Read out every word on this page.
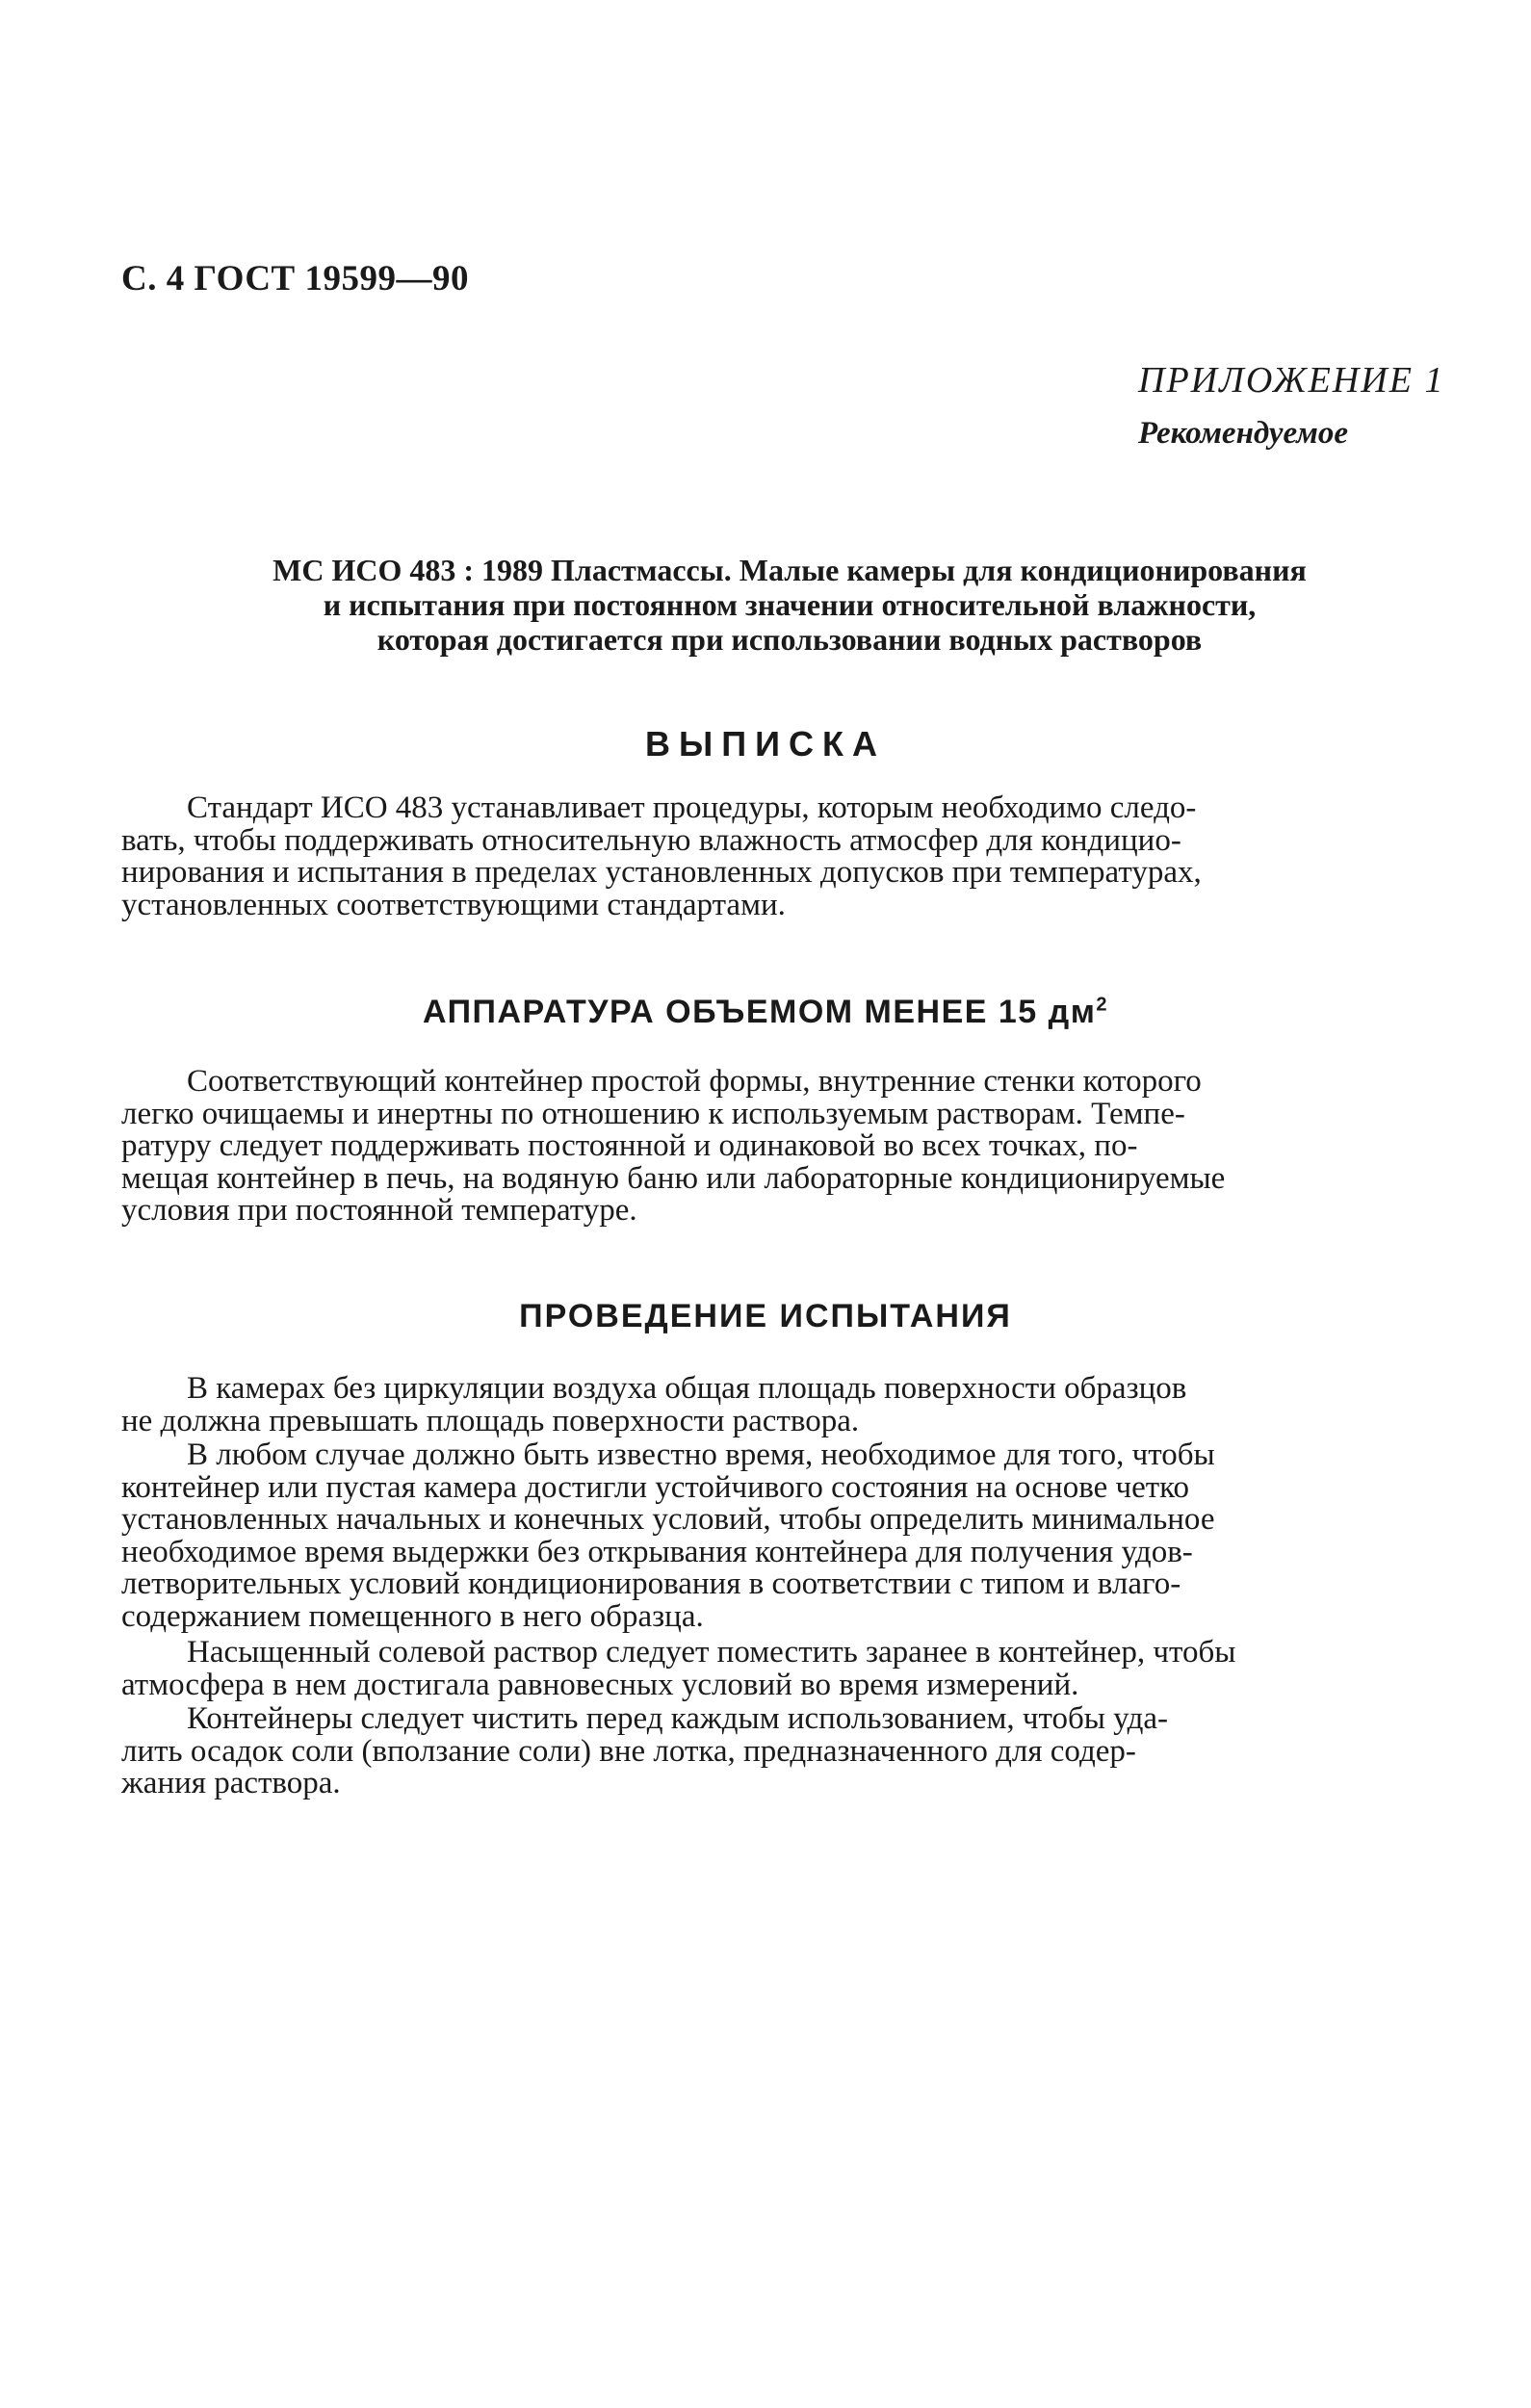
С. 4 ГОСТ 19599—90
ПРИЛОЖЕНИЕ 1
Рекомендуемое
МС ИСО 483 : 1989 Пластмассы. Малые камеры для кондиционирования
и испытания при постоянном значении относительной влажности,
которая достигается при использовании водных растворов
ВЫПИСКА
Стандарт ИСО 483 устанавливает процедуры, которым необходимо следо-
вать, чтобы поддерживать относительную влажность атмосфер для кондицио-
нирования и испытания в пределах установленных допусков при температурах,
установленных соответствующими стандартами.
АППАРАТУРА ОБЪЕМОМ МЕНЕЕ 15 $дм^2$
Соответствующий контейнер простой формы, внутренние стенки которого
легко очищаемы и инертны по отношению к используемым растворам. Темпе-
ратуру следует поддерживать постоянной и одинаковой во всех точках, по-
мещая контейнер в печь, на водяную баню или лабораторные кондиционируемые
условия при постоянной температуре.
ПРОВЕДЕНИЕ ИСПЫТАНИЯ
В камерах без циркуляции воздуха общая площадь поверхности образцов
не должна превышать площадь поверхности раствора.
В любом случае должно быть известно время, необходимое для того, чтобы
контейнер или пустая камера достигли устойчивого состояния на основе четко
установленных начальных и конечных условий, чтобы определить минимальное
необходимое время выдержки без открывания контейнера для получения удов-
летворительных условий кондиционирования в соответствии с типом и влаго-
содержанием помещенного в него образца.
Насыщенный солевой раствор следует поместить заранее в контейнер, чтобы
атмосфера в нем достигала равновесных условий во время измерений.
Контейнеры следует чистить перед каждым использованием, чтобы уда-
лить осадок соли (вползание соли) вне лотка, предназначенного для содер-
жания раствора.
